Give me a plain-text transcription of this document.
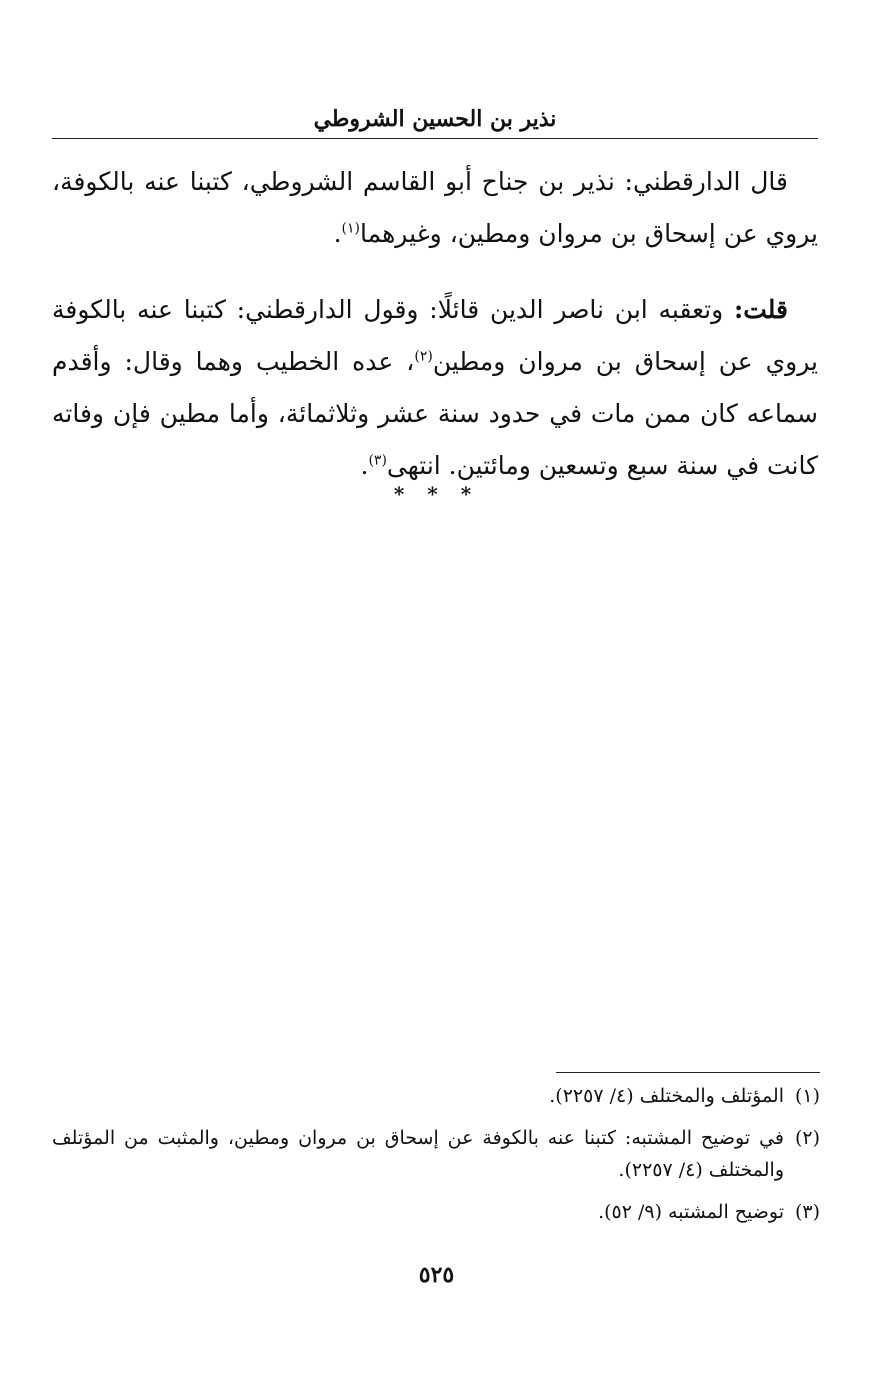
نذير بن الحسين الشروطي

قال الدارقطني: نذير بن جناح أبو القاسم الشروطي، كتبنا عنه بالكوفة، يروي عن إسحاق بن مروان ومطين، وغيرهما$^{(١)}$.

قلت: وتعقبه ابن ناصر الدين قائلًا: وقول الدارقطني: كتبنا عنه بالكوفة يروي عن إسحاق بن مروان ومطين$^{(٢)}$، عده الخطيب وهما وقال: وأقدم سماعه كان ممن مات في حدود سنة عشر وثلاثمائة، وأما مطين فإن وفاته كانت في سنة سبع وتسعين ومائتين. انتهى$^{(٣)}$.

* * *
(١)
المؤتلف والمختلف (٤/ ٢٢٥٧).
(٢)
في توضيح المشتبه: كتبنا عنه بالكوفة عن إسحاق بن مروان ومطين، والمثبت من المؤتلف والمختلف (٤/ ٢٢٥٧).
(٣)
توضيح المشتبه (٩/ ٥٢).
٥٢٥
